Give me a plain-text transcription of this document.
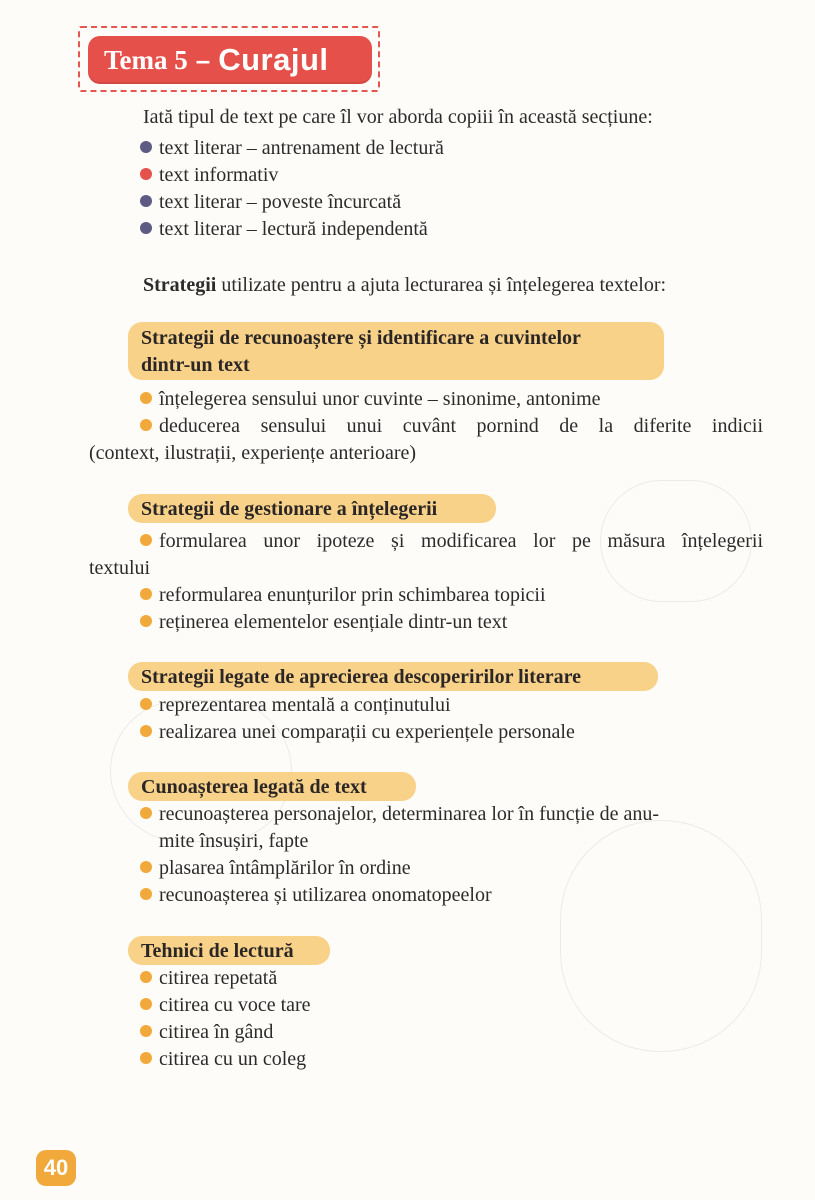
Tema 5 – Curajul
Iată tipul de text pe care îl vor aborda copiii în această secțiune:
text literar – antrenament de lectură
text informativ
text literar – poveste încurcată
text literar – lectură independentă
Strategii utilizate pentru a ajuta lecturarea și înțelegerea textelor:
Strategii de recunoaștere și identificare a cuvintelor
dintr-un text
înțelegerea sensului unor cuvinte – sinonime, antonime
deducerea sensului unui cuvânt pornind de la diferite indicii
(context, ilustrații, experiențe anterioare)
Strategii de gestionare a înțelegerii
formularea unor ipoteze și modificarea lor pe măsura înțelegerii
textului
reformularea enunțurilor prin schimbarea topicii
reținerea elementelor esențiale dintr-un text
Strategii legate de aprecierea descoperirilor literare
reprezentarea mentală a conținutului
realizarea unei comparații cu experiențele personale
Cunoașterea legată de text
recunoașterea personajelor, determinarea lor în funcție de anu-
mite însușiri, fapte
plasarea întâmplărilor în ordine
recunoașterea și utilizarea onomatopeelor
Tehnici de lectură
citirea repetată
citirea cu voce tare
citirea în gând
citirea cu un coleg
40
